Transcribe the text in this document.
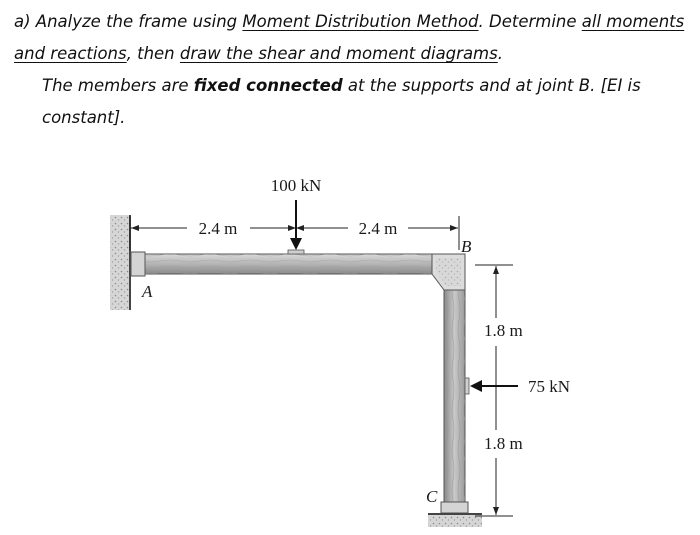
a) Analyze the frame using Moment Distribution Method. Determine all moments and reactions, then draw the shear and moment diagrams.

The members are fixed connected at the supports and at joint B. [EI is constant].

2.4 m	2.4 m
100 kN
1.8 m
1.8 m
75 kN
A
B
C
